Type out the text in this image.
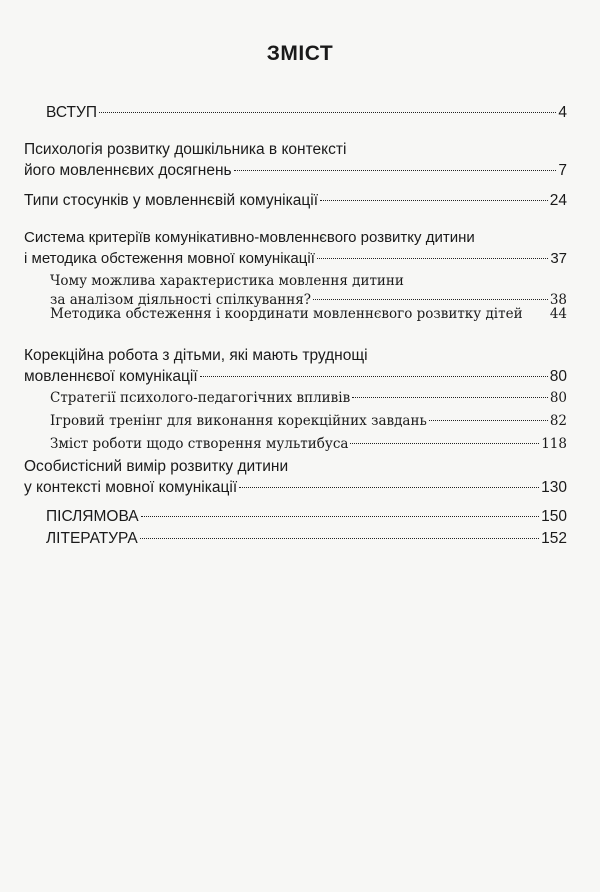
ЗМІСТ
ВСТУП	4
Психологія розвитку дошкільника в контексті
його мовленнєвих досягнень	7
Типи стосунків у мовленнєвій комунікації	24
Система критеріїв комунікативно-мовленнєвого розвитку дитини
і методика обстеження мовної комунікації	37
Чому можлива характеристика мовлення дитини
за аналізом діяльності спілкування?	38
Методика обстеження і координати мовленнєвого розвитку дітей 44
Корекційна робота з дітьми, які мають труднощі
мовленнєвої комунікації	80
Стратегії психолого-педагогічних впливів	80
Ігровий тренінг для виконання корекційних завдань	82
Зміст роботи щодо створення мультибуса	118
Особистісний вимір розвитку дитини
у контексті мовної комунікації	130
ПІСЛЯМОВА	150
ЛІТЕРАТУРА	152
